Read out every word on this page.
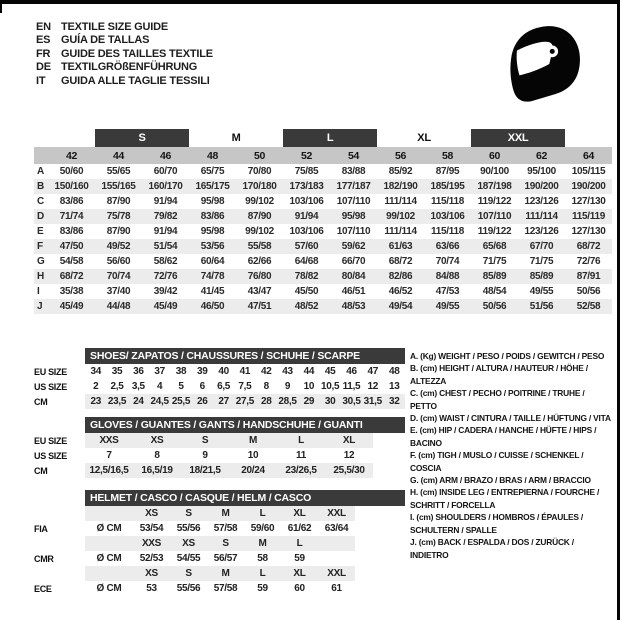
EN TEXTILE SIZE GUIDE
ES GUÍA DE TALLAS
FR GUIDE DES TAILLES TEXTILE
DE TEXTILGRÖßENFÜHRUNG
IT	GUIDA ALLE TAGLIE TESSILI
		S		M		L		XL		XXL		
	42	44	46	48	50	52	54	56	58	60	62	64
A	50/60	55/65	60/70	65/75	70/80	75/85	83/88	85/92	87/95	90/100	95/100	105/115
B	150/160	155/165	160/170	165/175	170/180	173/183	177/187	182/190	185/195	187/198	190/200	190/200
C	83/86	87/90	91/94	95/98	99/102	103/106	107/110	111/114	115/118	119/122	123/126	127/130
D	71/74	75/78	79/82	83/86	87/90	91/94	95/98	99/102	103/106	107/110	111/114	115/119
E	83/86	87/90	91/94	95/98	99/102	103/106	107/110	111/114	115/118	119/122	123/126	127/130
F	47/50	49/52	51/54	53/56	55/58	57/60	59/62	61/63	63/66	65/68	67/70	68/72
G	54/58	56/60	58/62	60/64	62/66	64/68	66/70	68/72	70/74	71/75	71/75	72/76
H	68/72	70/74	72/76	74/78	76/80	78/82	80/84	82/86	84/88	85/89	85/89	87/91
I	35/38	37/40	39/42	41/45	43/47	45/50	46/51	46/52	47/53	48/54	49/55	50/56
J	45/49	44/48	45/49	46/50	47/51	48/52	48/53	49/54	49/55	50/56	51/56	52/58
	SHOES/ ZAPATOS / CHAUSSURES / SCHUHE / SCARPE														
EU SIZE	34	35	36	37	38	39	40	41	42	43	44	45	46	47	48
US SIZE	2	2,5	3,5	4	5	6	6,5	7,5	8	9	10	10,5	11,5	12	13
CM	23	23,5	24	24,5	25,5	26	27	27,5	28	28,5	29	30	30,5	31,5	32
	GLOVES / GUANTES / GANTS / HANDSCHUHE / GUANTI					
EU SIZE	XXS	XS	S	M	L	XL
US SIZE	7	8	9	10	11	12
CM	12,5/16,5	16,5/19	18/21,5	20/24	23/26,5	25,5/30
	HELMET / CASCO / CASQUE / HELM / CASCO						
		XS	S	M	L	XL	XXL
FIA	Ø CM	53/54	55/56	57/58	59/60	61/62	63/64
		XXS	XS	S	M	L	
CMR	Ø CM	52/53	54/55	56/57	58	59	
		XS	S	M	L	XL	XXL
ECE	Ø CM	53	55/56	57/58	59	60	61
A. (Kg) WEIGHT / PESO / POIDS / GEWITCH / PESO
B. (cm) HEIGHT / ALTURA / HAUTEUR / HÖHE / ALTEZZA
C. (cm) CHEST / PECHO / POITRINE / TRUHE / PETTO
D. (cm) WAIST / CINTURA / TAILLE / HÜFTUNG / VITA
E. (cm) HIP / CADERA / HANCHE / HÜFTE / HIPS / BACINO
F. (cm) TIGH / MUSLO / CUISSE / SCHENKEL / COSCIA
G. (cm) ARM / BRAZO / BRAS / ARM / BRACCIO
H. (cm) INSIDE LEG / ENTREPIERNA / FOURCHE / SCHRITT / FORCELLA
I. (cm) SHOULDERS / HOMBROS / ÉPAULES / SCHULTERN / SPALLE
J. (cm) BACK / ESPALDA / DOS / ZURÜCK / INDIETRO
